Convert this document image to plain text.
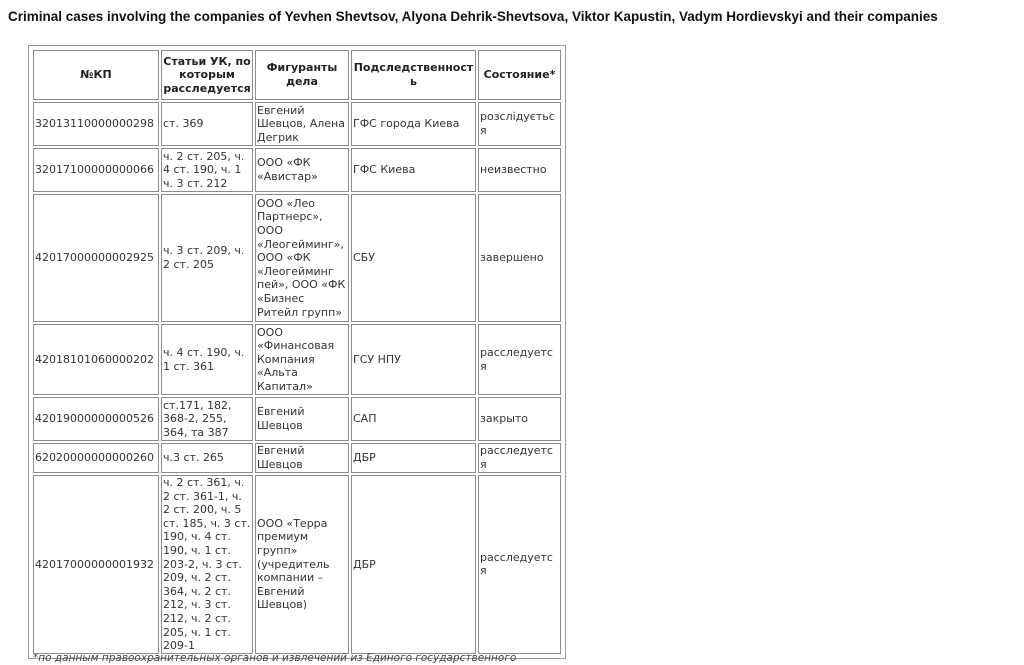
Criminal cases involving the companies of Yevhen Shevtsov, Alyona Dehrik-Shevtsova, Viktor Kapustin, Vadym Hordievskyi and their companies
№КП	Статьи УК, по которым расследуется	Фигуранты дела	Подследственность	Состояние*
32013110000000298	ст. 369	Евгений Шевцов, Алена Дегрик	ГФС города Киева	розслідується
32017100000000066	ч. 2 ст. 205, ч. 4 ст. 190, ч. 1 ч. 3 ст. 212	ООО «ФК «Авистар»	ГФС Киева	неизвестно
42017000000002925	ч. 3 ст. 209, ч. 2 ст. 205	ООО «Лео Партнерс», ООО «Леогейминг», ООО «ФК «Леогейминг пей», ООО «ФК «Бизнес Ритейл групп»	СБУ	завершено
42018101060000202	ч. 4 ст. 190, ч. 1 ст. 361	ООО «Финансовая Компания «Альта Капитал»	ГСУ НПУ	расследуется
42019000000000526	ст.171, 182, 368-2, 255, 364, та 387	Евгений Шевцов	САП	закрыто
62020000000000260	ч.3 ст. 265	Евгений Шевцов	ДБР	расследуется
42017000000001932	ч. 2 ст. 361, ч. 2 ст. 361-1, ч. 2 ст. 200, ч. 5 ст. 185, ч. 3 ст. 190, ч. 4 ст. 190, ч. 1 ст. 203-2, ч. 3 ст. 209, ч. 2 ст. 364, ч. 2 ст. 212, ч. 3 ст. 212, ч. 2 ст. 205, ч. 1 ст. 209-1	ООО «Терра премиум групп» (учредитель компании – Евгений Шевцов)	ДБР	расследуется
*по данным правоохранительных органов и извлечений из Единого государственного
